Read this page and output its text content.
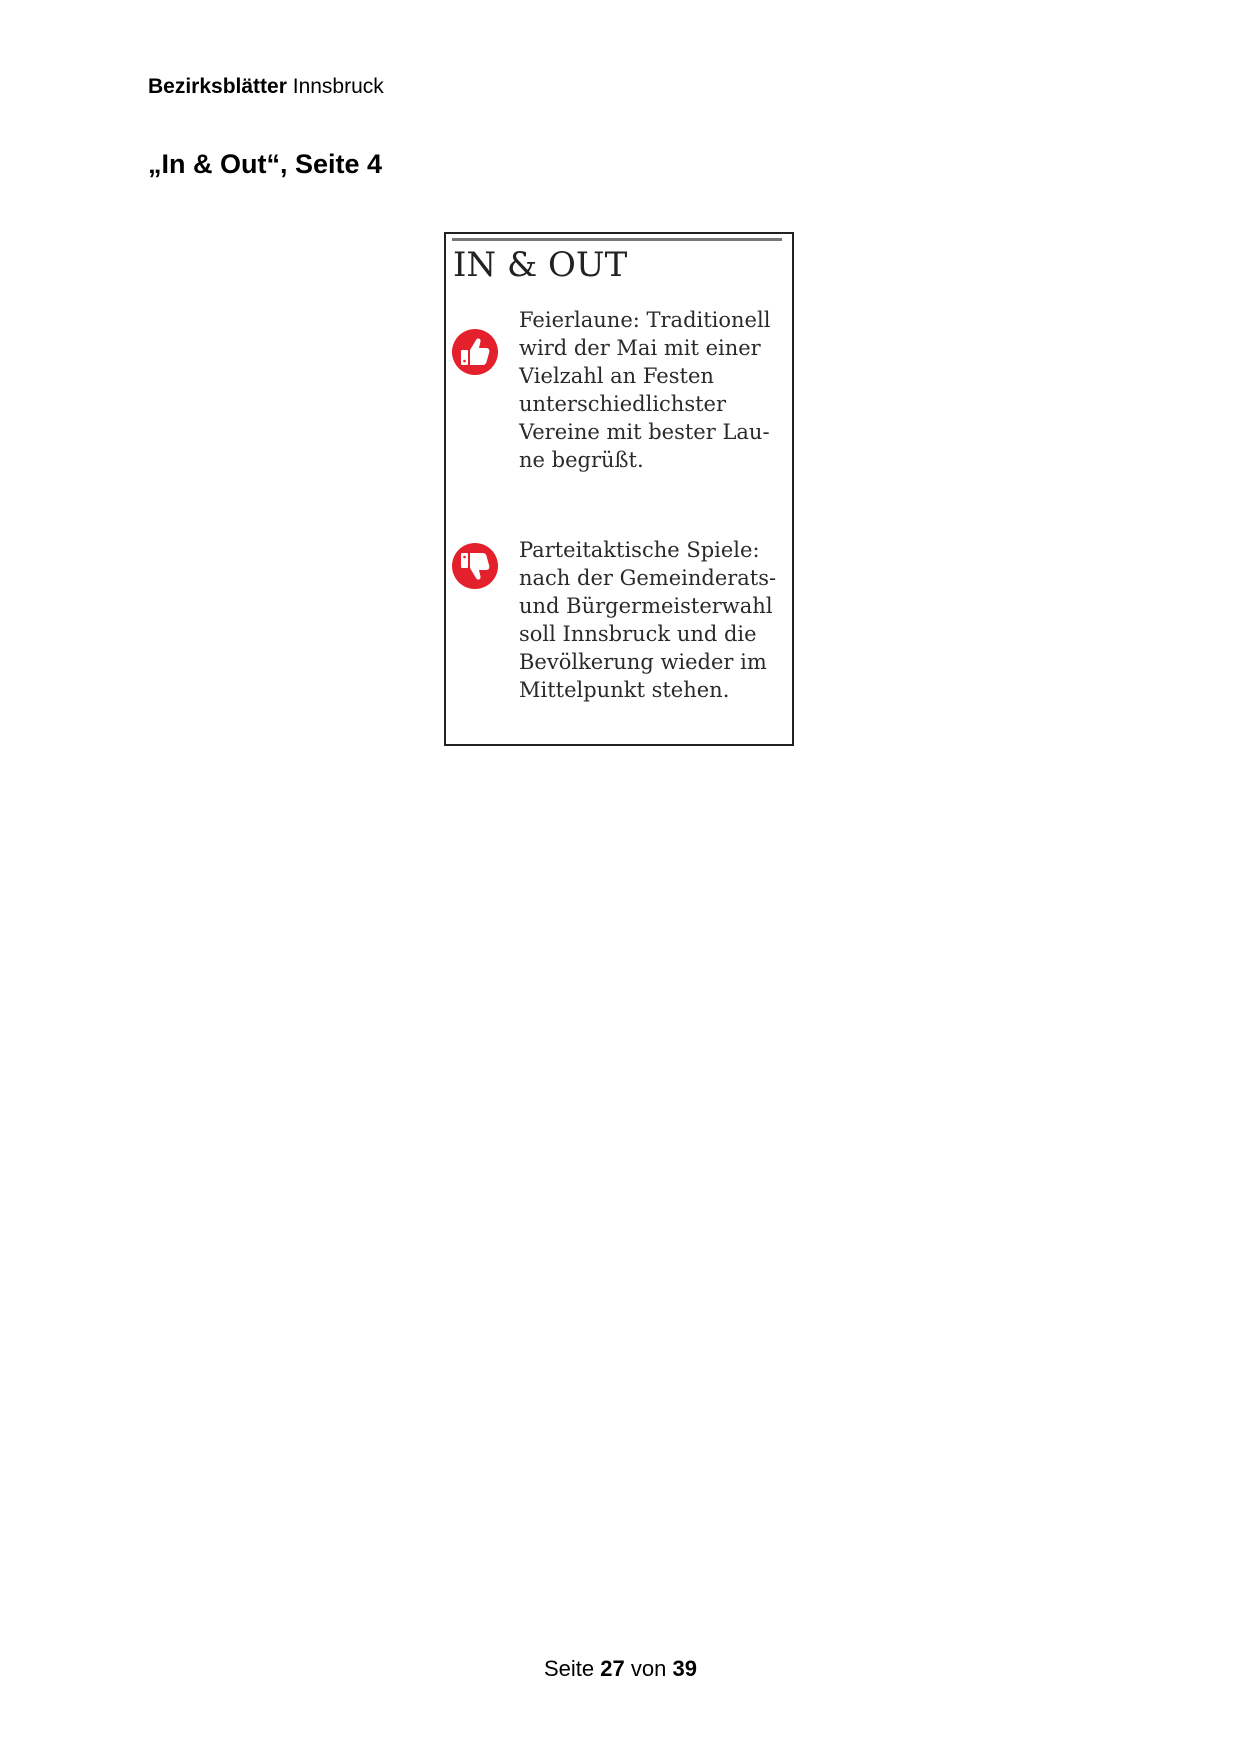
Bezirksblätter Innsbruck
„In & Out“, Seite 4
IN & OUT
Feierlaune: Traditionell
wird der Mai mit einer
Vielzahl an Festen
unterschiedlichster
Vereine mit bester Lau-
ne begrüßt.
Parteitaktische Spiele:
nach der Gemeinderats-
und Bürgermeisterwahl
soll Innsbruck und die
Bevölkerung wieder im
Mittelpunkt stehen.
Seite 27 von 39
